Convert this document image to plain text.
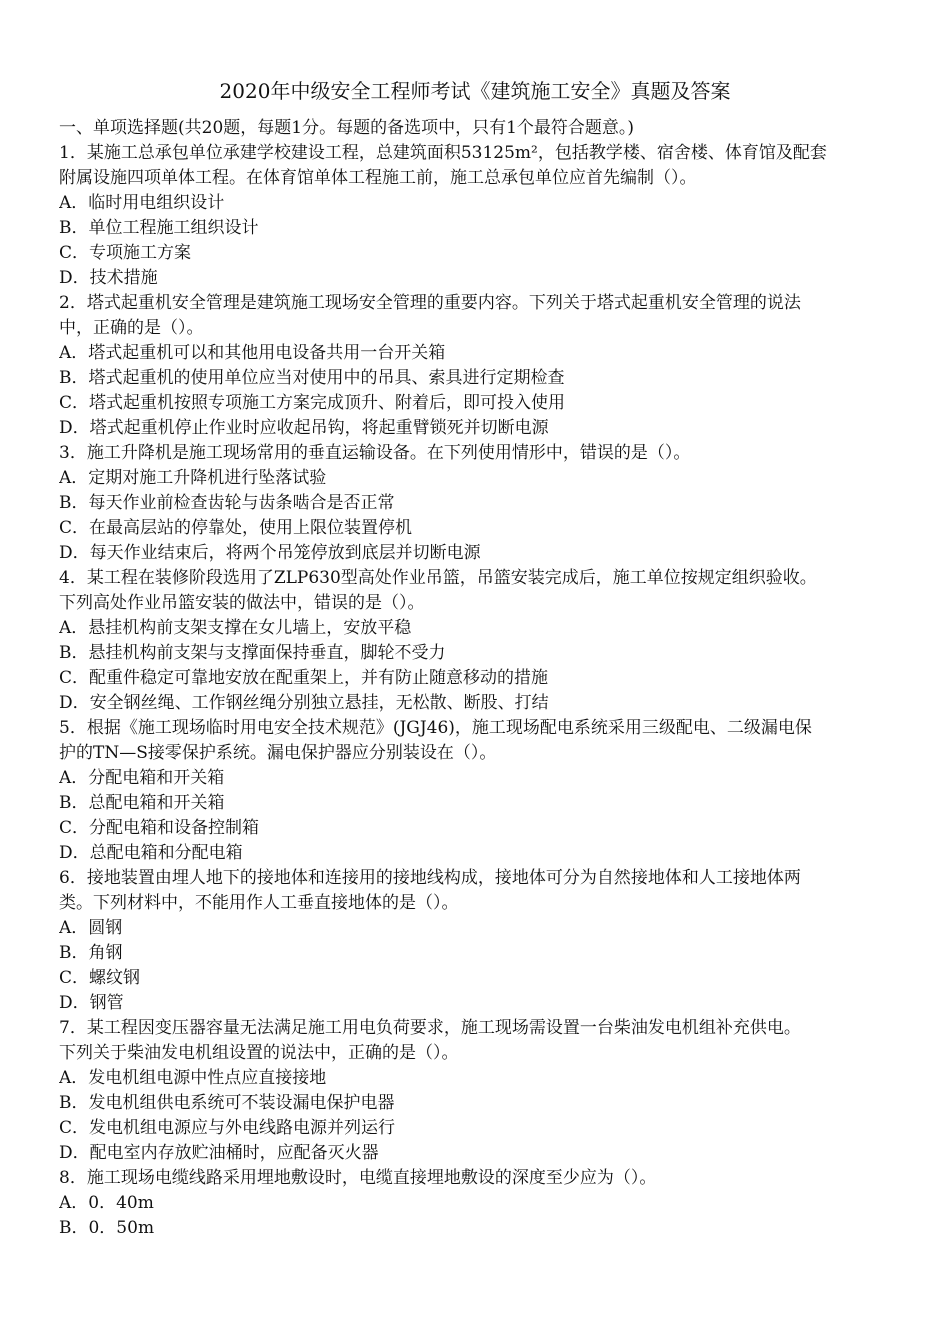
2020年中级安全工程师考试《建筑施工安全》真题及答案
一、单项选择题(共20题，每题1分。每题的备选项中，只有1个最符合题意。)
1．某施工总承包单位承建学校建设工程，总建筑面积53125m²，包括教学楼、宿舍楼、体育馆及配套
附属设施四项单体工程。在体育馆单体工程施工前，施工总承包单位应首先编制（）。
A．临时用电组织设计
B．单位工程施工组织设计
C．专项施工方案
D．技术措施
2．塔式起重机安全管理是建筑施工现场安全管理的重要内容。下列关于塔式起重机安全管理的说法
中，正确的是（）。
A．塔式起重机可以和其他用电设备共用一台开关箱
B．塔式起重机的使用单位应当对使用中的吊具、索具进行定期检查
C．塔式起重机按照专项施工方案完成顶升、附着后，即可投入使用
D．塔式起重机停止作业时应收起吊钩，将起重臂锁死并切断电源
3．施工升降机是施工现场常用的垂直运输设备。在下列使用情形中，错误的是（）。
A．定期对施工升降机进行坠落试验
B．每天作业前检查齿轮与齿条啮合是否正常
C．在最高层站的停靠处，使用上限位装置停机
D．每天作业结束后，将两个吊笼停放到底层并切断电源
4．某工程在装修阶段选用了ZLP630型高处作业吊篮，吊篮安装完成后，施工单位按规定组织验收。
下列高处作业吊篮安装的做法中，错误的是（）。
A．悬挂机构前支架支撑在女儿墙上，安放平稳
B．悬挂机构前支架与支撑面保持垂直，脚轮不受力
C．配重件稳定可靠地安放在配重架上，并有防止随意移动的措施
D．安全钢丝绳、工作钢丝绳分别独立悬挂，无松散、断股、打结
5．根据《施工现场临时用电安全技术规范》(JGJ46)，施工现场配电系统采用三级配电、二级漏电保
护的TN—S接零保护系统。漏电保护器应分别装设在（）。
A．分配电箱和开关箱
B．总配电箱和开关箱
C．分配电箱和设备控制箱
D．总配电箱和分配电箱
6．接地装置由埋人地下的接地体和连接用的接地线构成，接地体可分为自然接地体和人工接地体两
类。下列材料中，不能用作人工垂直接地体的是（）。
A．圆钢
B．角钢
C．螺纹钢
D．钢管
7．某工程因变压器容量无法满足施工用电负荷要求，施工现场需设置一台柴油发电机组补充供电。
下列关于柴油发电机组设置的说法中，正确的是（）。
A．发电机组电源中性点应直接接地
B．发电机组供电系统可不装设漏电保护电器
C．发电机组电源应与外电线路电源并列运行
D．配电室内存放贮油桶时，应配备灭火器
8．施工现场电缆线路采用埋地敷设时，电缆直接埋地敷设的深度至少应为（）。
A．0．40m
B．0．50m
